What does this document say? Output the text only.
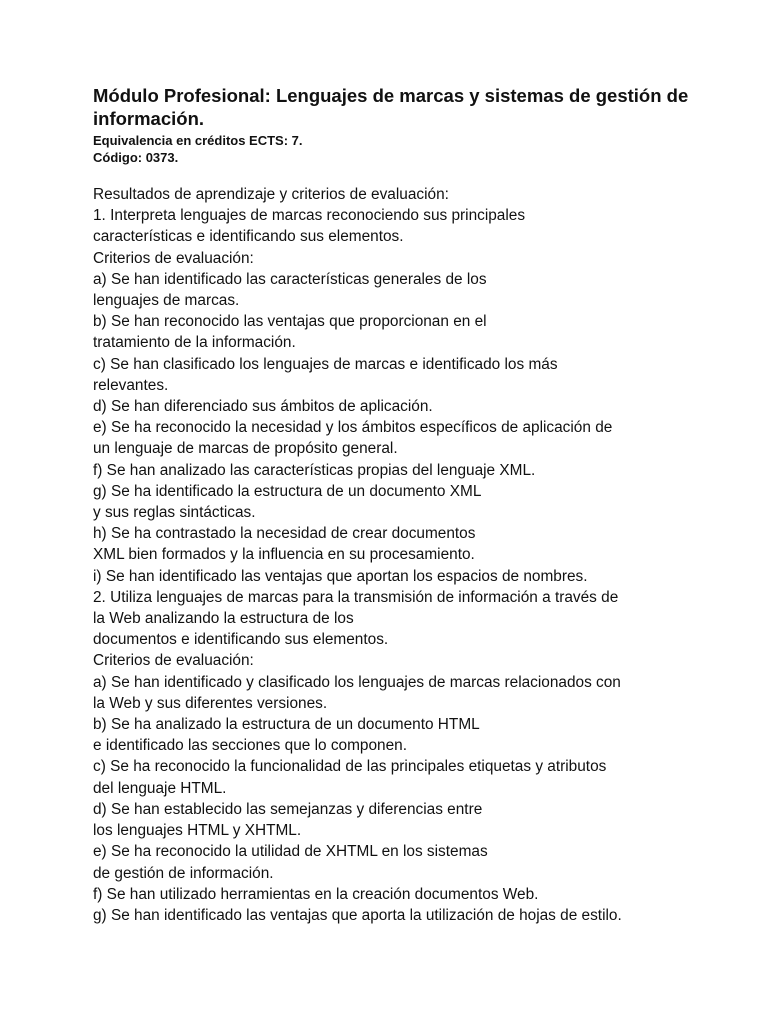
Módulo Profesional: Lenguajes de marcas y sistemas de gestión de
información.

Equivalencia en créditos ECTS: 7.

Código: 0373.

Resultados de aprendizaje y criterios de evaluación:
1. Interpreta lenguajes de marcas reconociendo sus principales
características e identificando sus elementos.
Criterios de evaluación:
a) Se han identificado las características generales de los
lenguajes de marcas.
b) Se han reconocido las ventajas que proporcionan en el
tratamiento de la información.
c) Se han clasificado los lenguajes de marcas e identificado los más
relevantes.
d) Se han diferenciado sus ámbitos de aplicación.
e) Se ha reconocido la necesidad y los ámbitos específicos de aplicación de
un lenguaje de marcas de propósito general.
f) Se han analizado las características propias del lenguaje XML.
g) Se ha identificado la estructura de un documento XML
y sus reglas sintácticas.
h) Se ha contrastado la necesidad de crear documentos
XML bien formados y la influencia en su procesamiento.
i) Se han identificado las ventajas que aportan los espacios de nombres.
2. Utiliza lenguajes de marcas para la transmisión de información a través de
la Web analizando la estructura de los
documentos e identificando sus elementos.
Criterios de evaluación:
a) Se han identificado y clasificado los lenguajes de marcas relacionados con
la Web y sus diferentes versiones.
b) Se ha analizado la estructura de un documento HTML
e identificado las secciones que lo componen.
c) Se ha reconocido la funcionalidad de las principales etiquetas y atributos
del lenguaje HTML.
d) Se han establecido las semejanzas y diferencias entre
los lenguajes HTML y XHTML.
e) Se ha reconocido la utilidad de XHTML en los sistemas
de gestión de información.
f) Se han utilizado herramientas en la creación documentos Web.
g) Se han identificado las ventajas que aporta la utilización de hojas de estilo.
